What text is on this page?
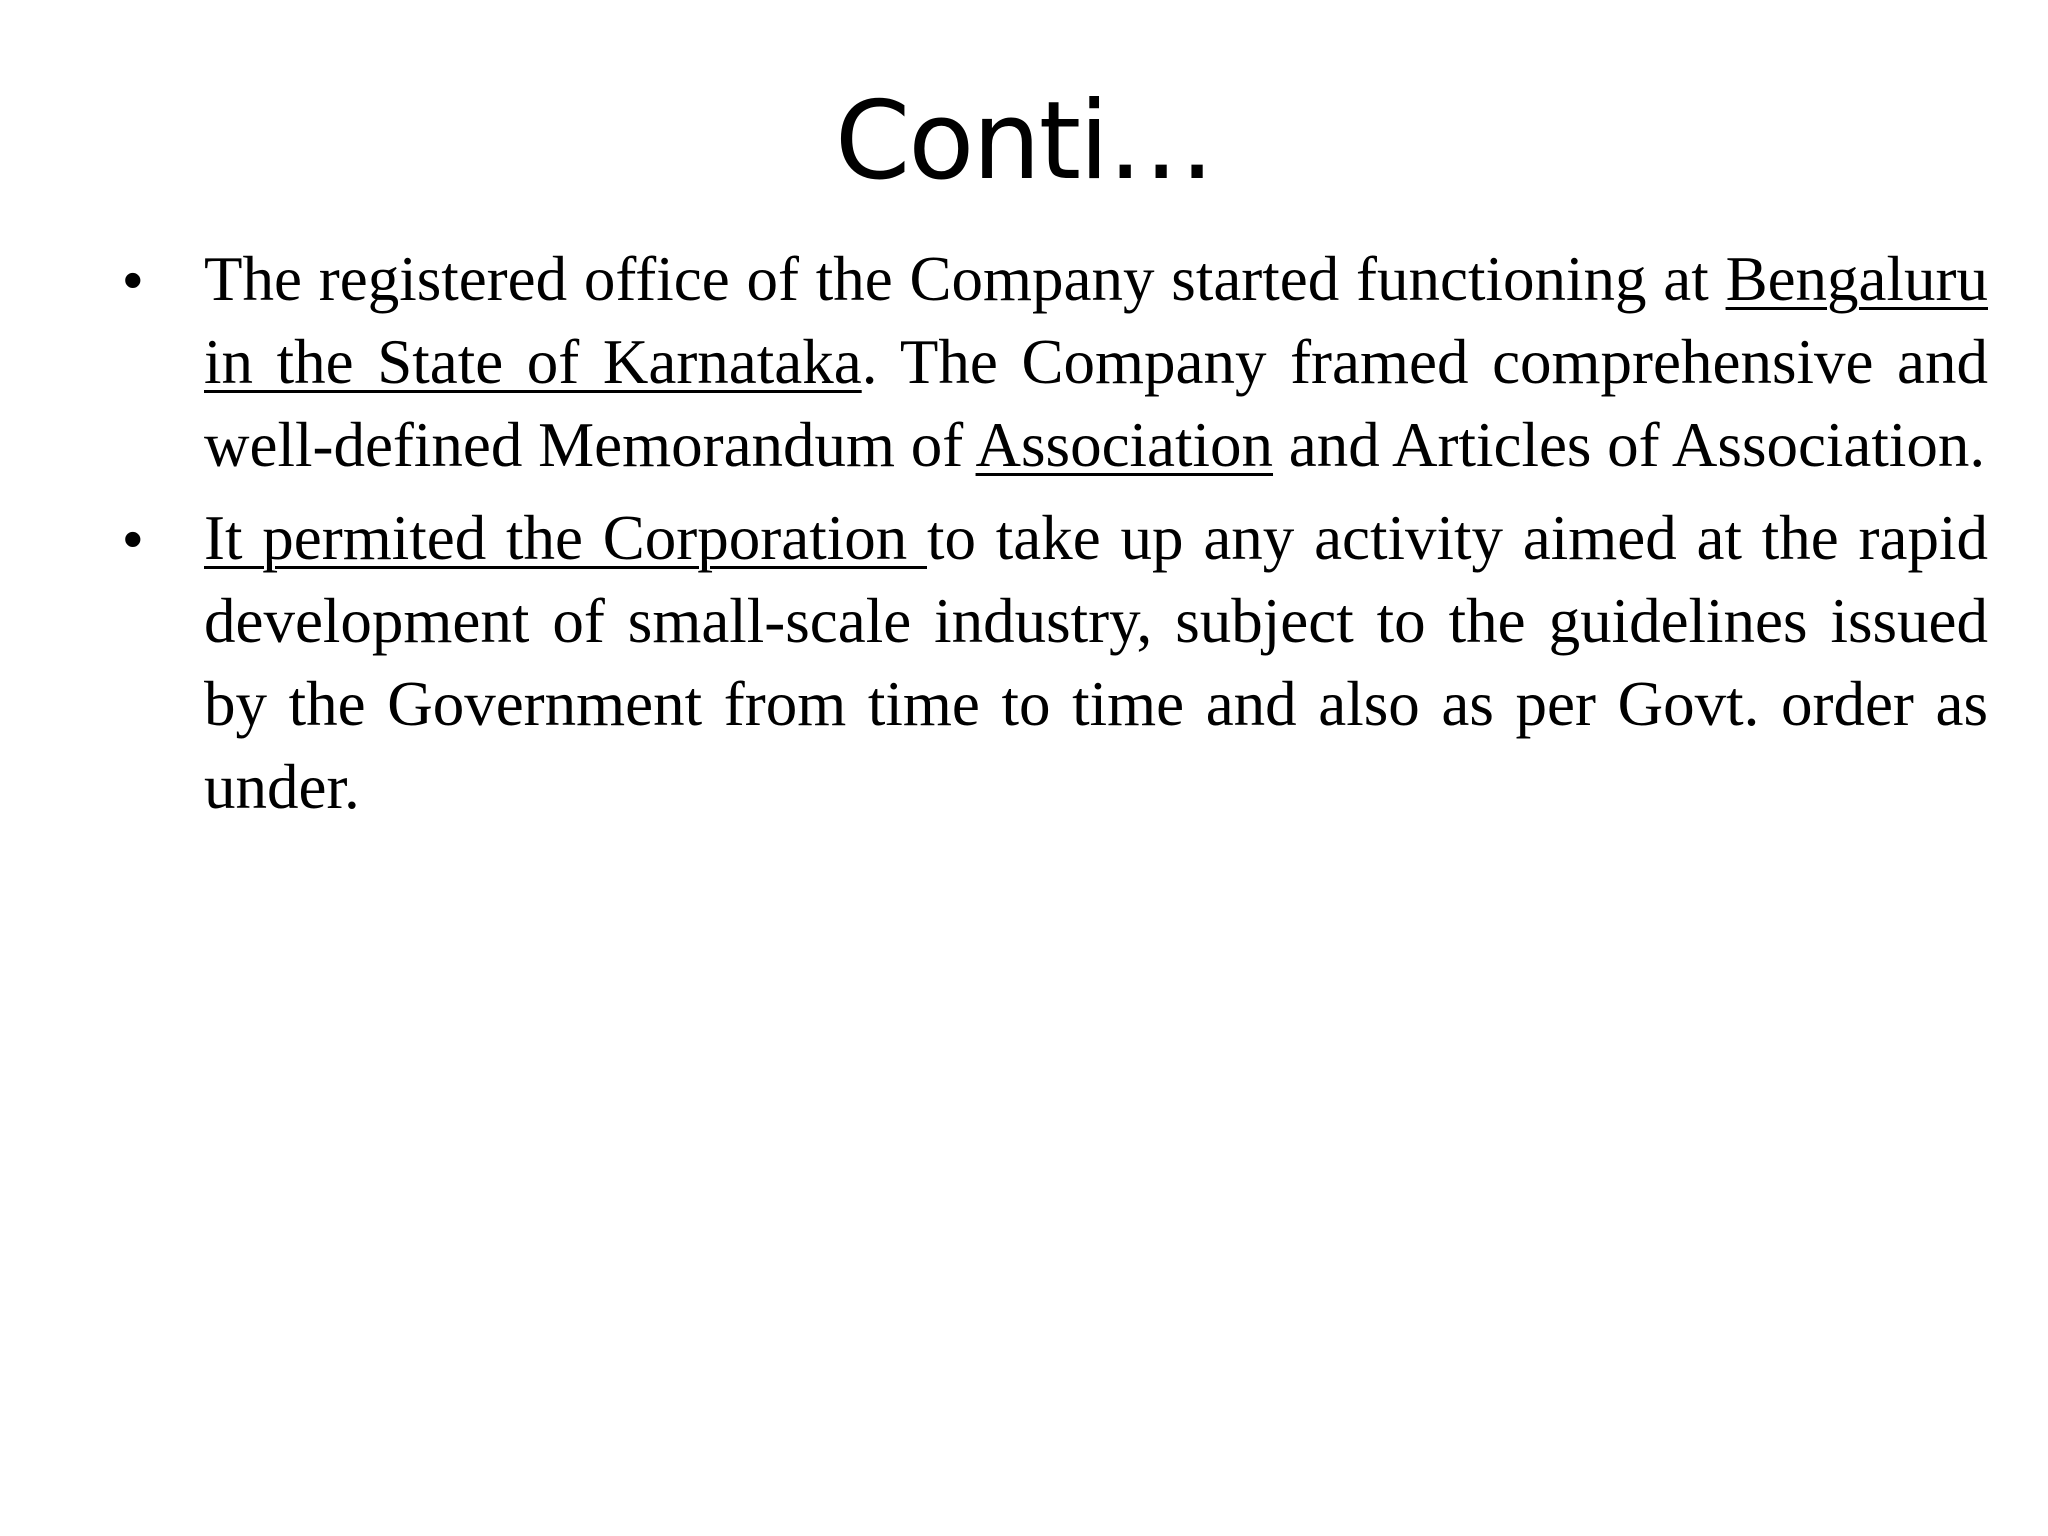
Conti…
• The registered office of the Company started functioning at Bengaluru in the State of Karnataka. The Company framed comprehensive and well-defined Memorandum of Association and Articles of Association.
• It permited the Corporation to take up any activity aimed at the rapid development of small-scale industry, subject to the guidelines issued by the Government from time to time and also as per Govt. order as under.
